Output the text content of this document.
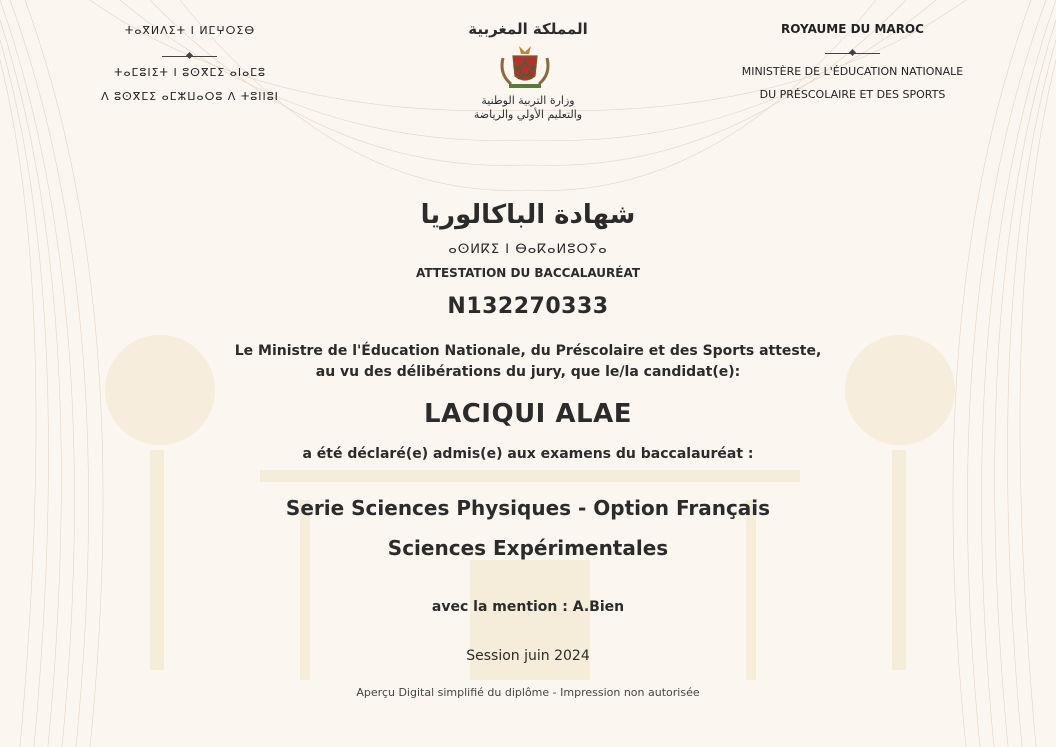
ⵜⴰⴳⵍⴷⵉⵜ ⵏ ⵍⵎⵖⵔⵉⴱ
ⵜⴰⵎⵓⵏⵉⵜ ⵏ ⵓⵙⴳⵎⵉ ⴰⵏⴰⵎⵓ
ⴷ ⵓⵙⴳⵎⵉ ⴰⵎⵣⵡⴰⵔⵓ ⴷ ⵜⵓⵏⵏⵓⵏ
المملكة المغربية
وزارة التربية الوطنية
والتعليم الأولي والرياضة
ROYAUME DU MAROC
MINISTÈRE DE L'ÉDUCATION NATIONALE
DU PRÉSCOLAIRE ET DES SPORTS
شهادة الباكالوريا
ⴰⵙⵍⴽⵉ ⵏ ⴱⴰⴽⴰⵍⵓⵔⵢⴰ
ATTESTATION DU BACCALAURÉAT
N132270333
Le Ministre de l'Éducation Nationale, du Préscolaire et des Sports atteste,
au vu des délibérations du jury, que le/la candidat(e):
LACIQUI ALAE
a été déclaré(e) admis(e) aux examens du baccalauréat :
Serie Sciences Physiques - Option Français
Sciences Expérimentales
avec la mention : A.Bien
Session juin 2024
Aperçu Digital simplifié du diplôme - Impression non autorisée
